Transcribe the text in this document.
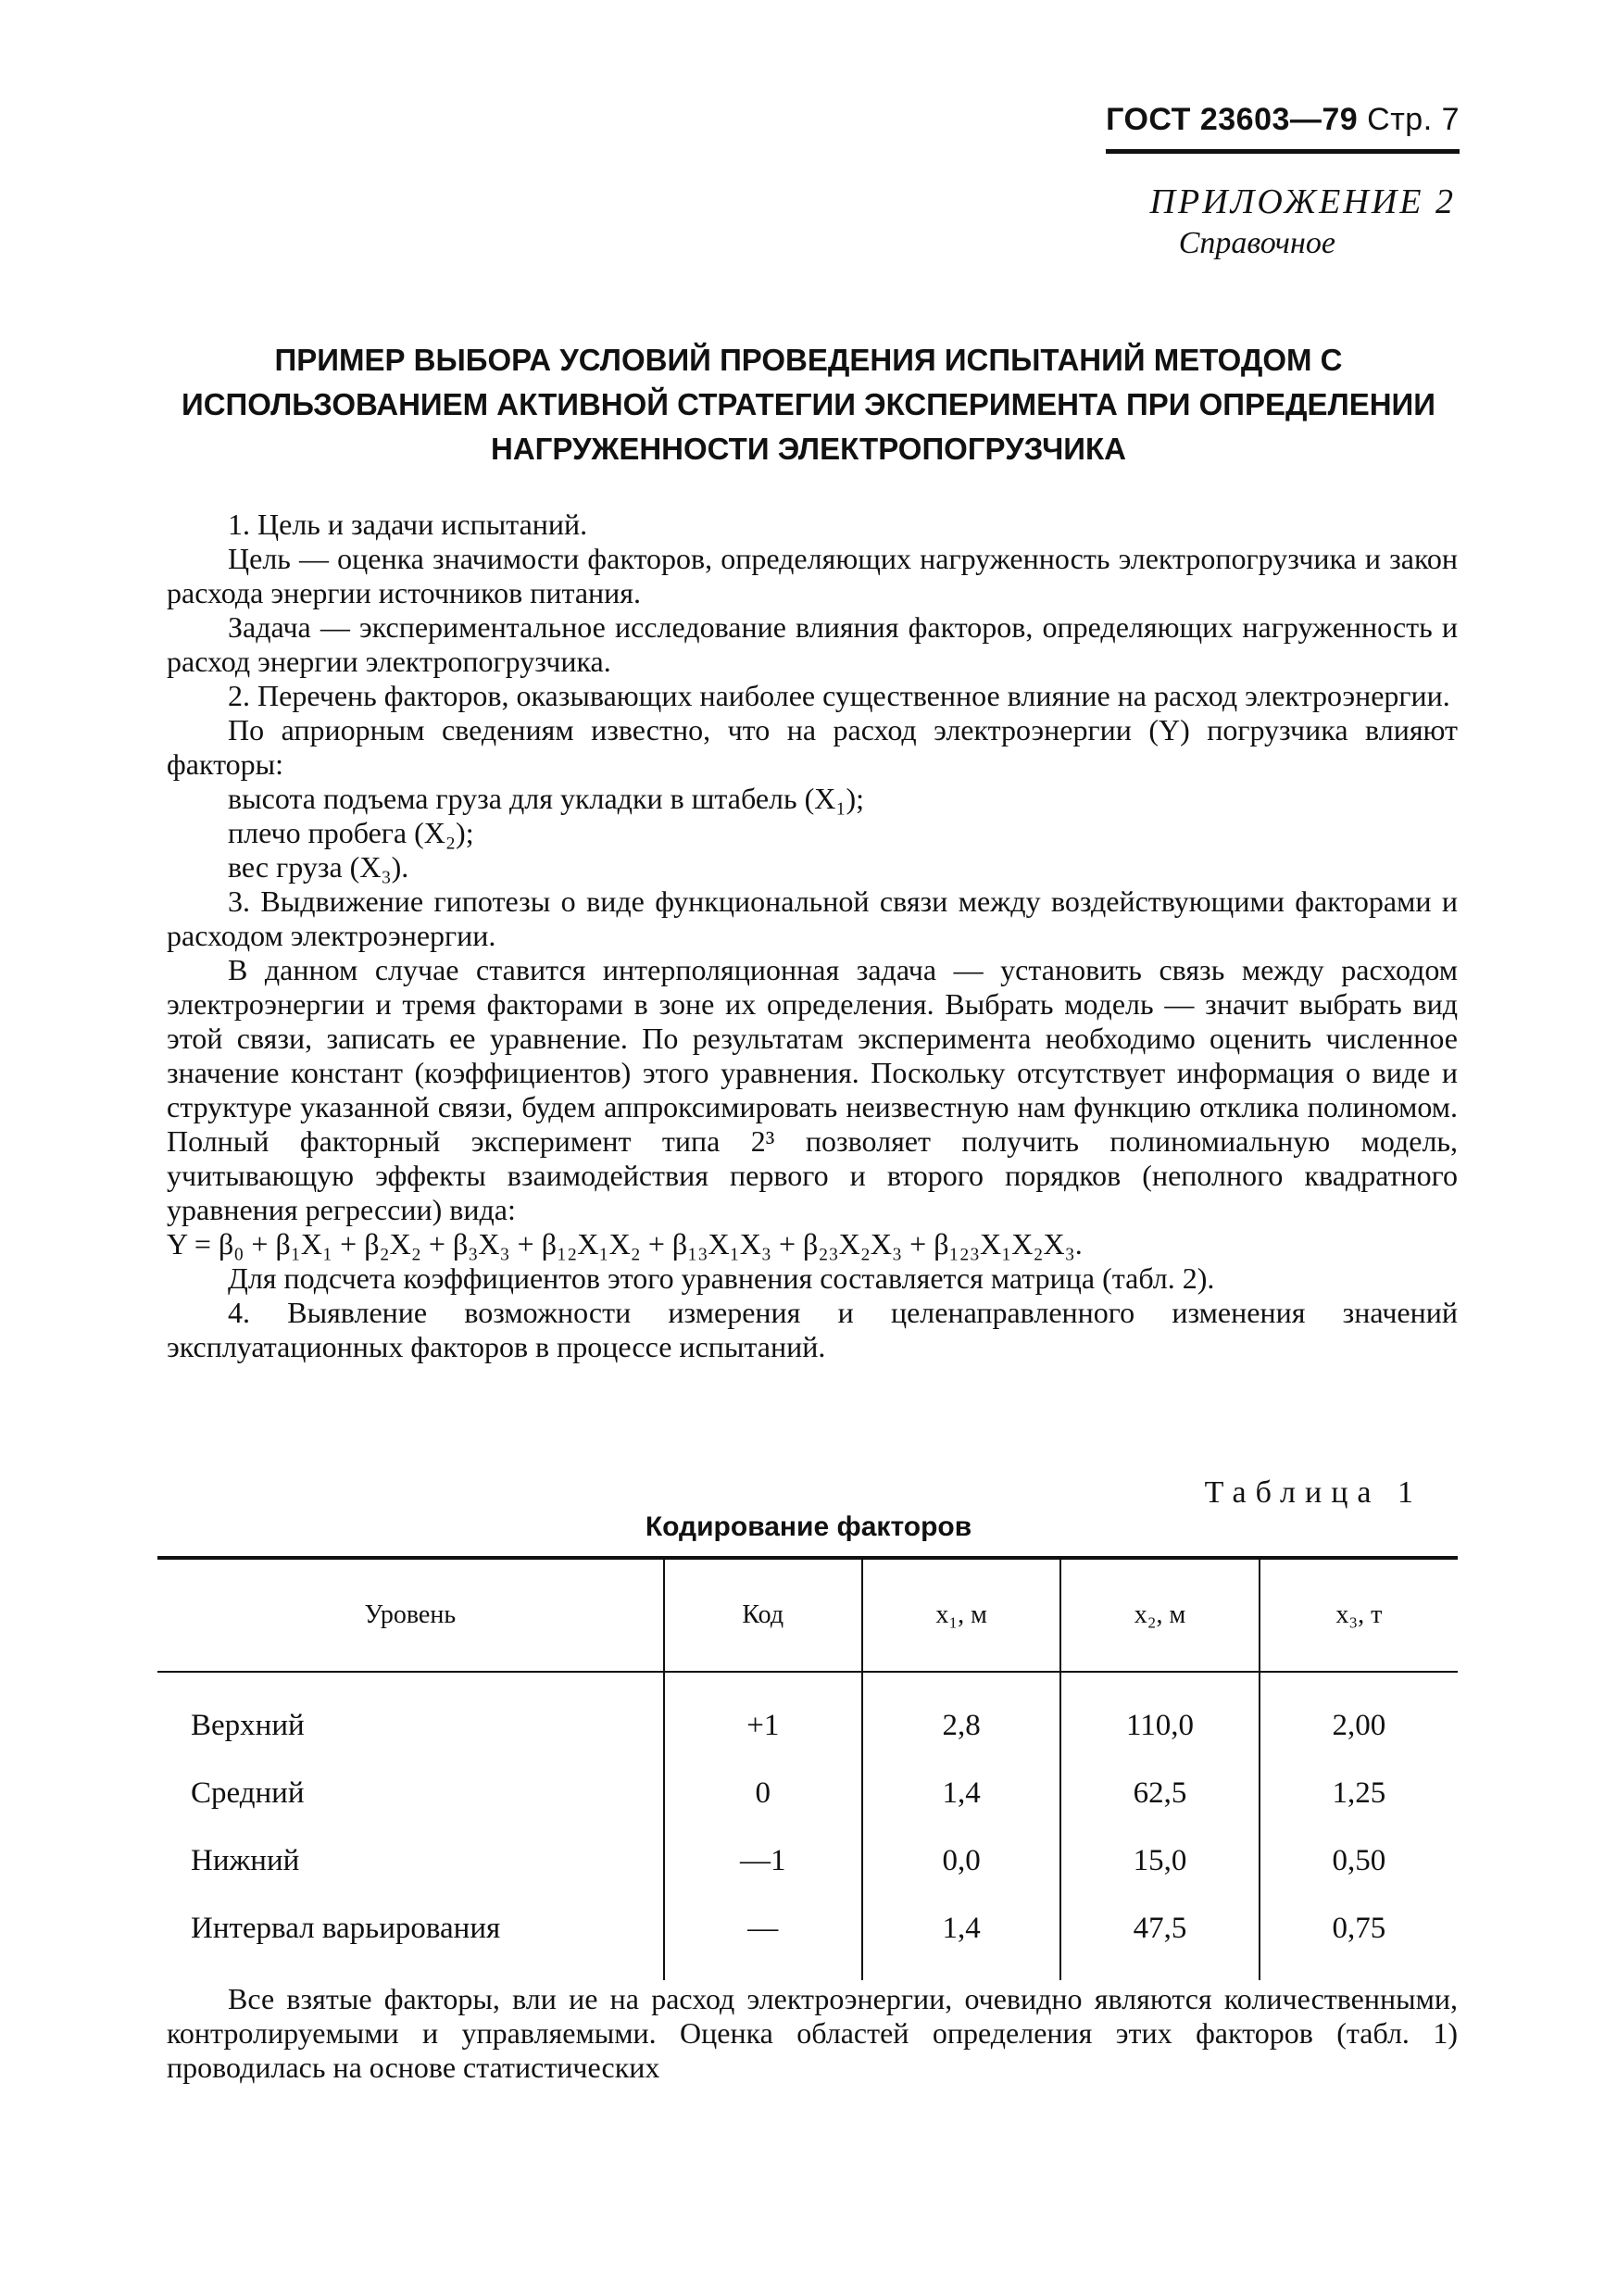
ГОСТ 23603—79 Стр. 7
ПРИЛОЖЕНИЕ 2
Справочное
ПРИМЕР ВЫБОРА УСЛОВИЙ ПРОВЕДЕНИЯ ИСПЫТАНИЙ МЕТОДОМ С ИСПОЛЬЗОВАНИЕМ АКТИВНОЙ СТРАТЕГИИ ЭКСПЕРИМЕНТА ПРИ ОПРЕДЕЛЕНИИ НАГРУЖЕННОСТИ ЭЛЕКТРОПОГРУЗЧИКА

1. Цель и задачи испытаний.

Цель — оценка значимости факторов, определяющих нагруженность электропогрузчика и закон расхода энергии источников питания.

Задача — экспериментальное исследование влияния факторов, определяющих нагруженность и расход энергии электропогрузчика.

2. Перечень факторов, оказывающих наиболее существенное влияние на расход электроэнергии.

По априорным сведениям известно, что на расход электроэнергии (Y) погрузчика влияют факторы:

высота подъема груза для укладки в штабель (X₁);

плечо пробега (X₂);

вес груза (X₃).

3. Выдвижение гипотезы о виде функциональной связи между воздействующими факторами и расходом электроэнергии.

В данном случае ставится интерполяционная задача — установить связь между расходом электроэнергии и тремя факторами в зоне их определения. Выбрать модель — значит выбрать вид этой связи, записать ее уравнение. По результатам эксперимента необходимо оценить численное значение констант (коэффициентов) этого уравнения. Поскольку отсутствует информация о виде и структуре указанной связи, будем аппроксимировать неизвестную нам функцию отклика полиномом. Полный факторный эксперимент типа 2³ позволяет получить полиномиальную модель, учитывающую эффекты взаимодействия первого и второго порядков (неполного квадратного уравнения регрессии) вида:

Y = β₀ + β₁X₁ + β₂X₂ + β₃X₃ + β₁₂X₁X₂ + β₁₃X₁X₃ + β₂₃X₂X₃ + β₁₂₃X₁X₂X₃.

Для подсчета коэффициентов этого уравнения составляется матрица (табл. 2).

4. Выявление возможности измерения и целенаправленного изменения значений эксплуатационных факторов в процессе испытаний.

Таблица 1
Кодирование факторов
Уровень	Код	x₁, м	x₂, м	x₃, т
Верхний	+1	2,8	110,0	2,00
Средний	0	1,4	62,5	1,25
Нижний	—1	0,0	15,0	0,50
Интервал варьирования	—	1,4	47,5	0,75

Все взятые факторы, вли ие на расход электроэнергии, очевидно являются количественными, контролируемыми и управляемыми. Оценка областей определения этих факторов (табл. 1) проводилась на основе статистических
